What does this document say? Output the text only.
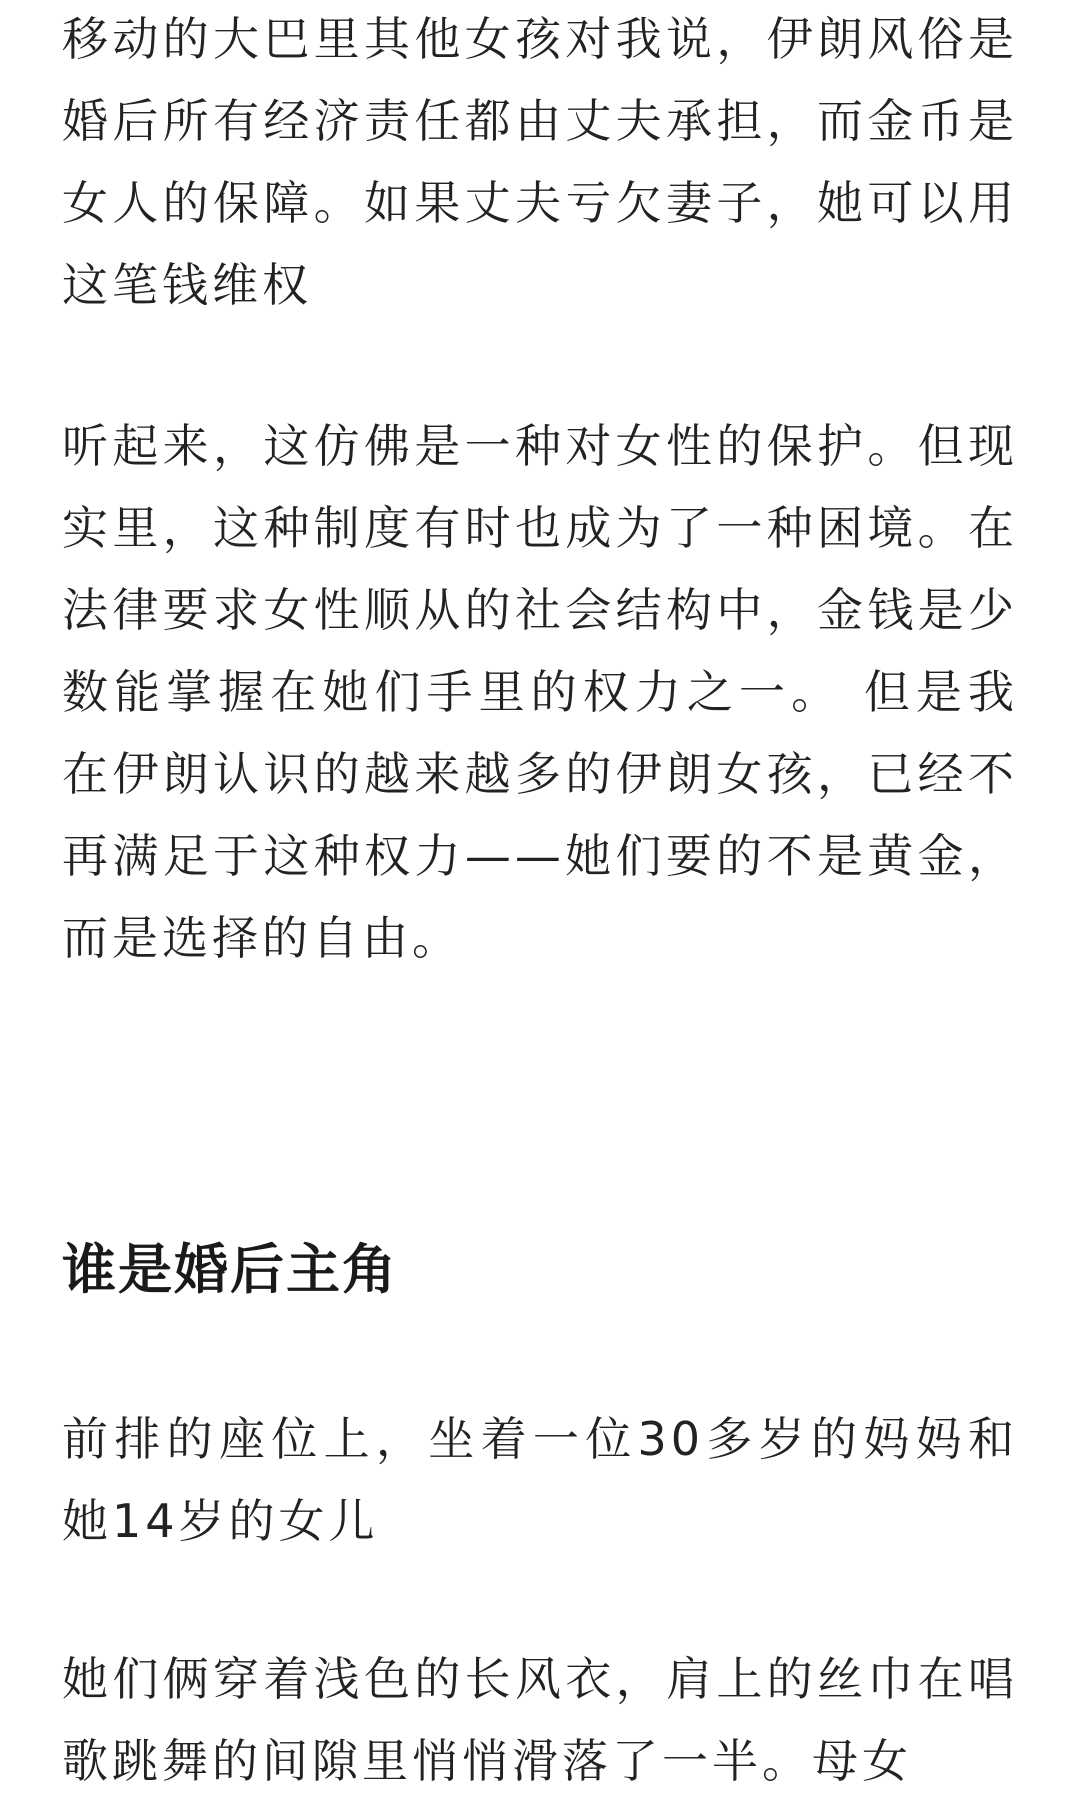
移动的大巴里其他女孩对我说，伊朗风俗是婚后所有经济责任都由丈夫承担，而金币是女人的保障。如果丈夫亏欠妻子，她可以用这笔钱维权

听起来，这仿佛是一种对女性的保护。但现实里，这种制度有时也成为了一种困境。在法律要求女性顺从的社会结构中，金钱是少数能掌握在她们手里的权力之一。 但是我在伊朗认识的越来越多的伊朗女孩，已经不再满足于这种权力——她们要的不是黄金，而是选择的自由。

谁是婚后主角

前排的座位上，坐着一位30多岁的妈妈和她14岁的女儿

她们俩穿着浅色的长风衣，肩上的丝巾在唱歌跳舞的间隙里悄悄滑落了一半。母女
